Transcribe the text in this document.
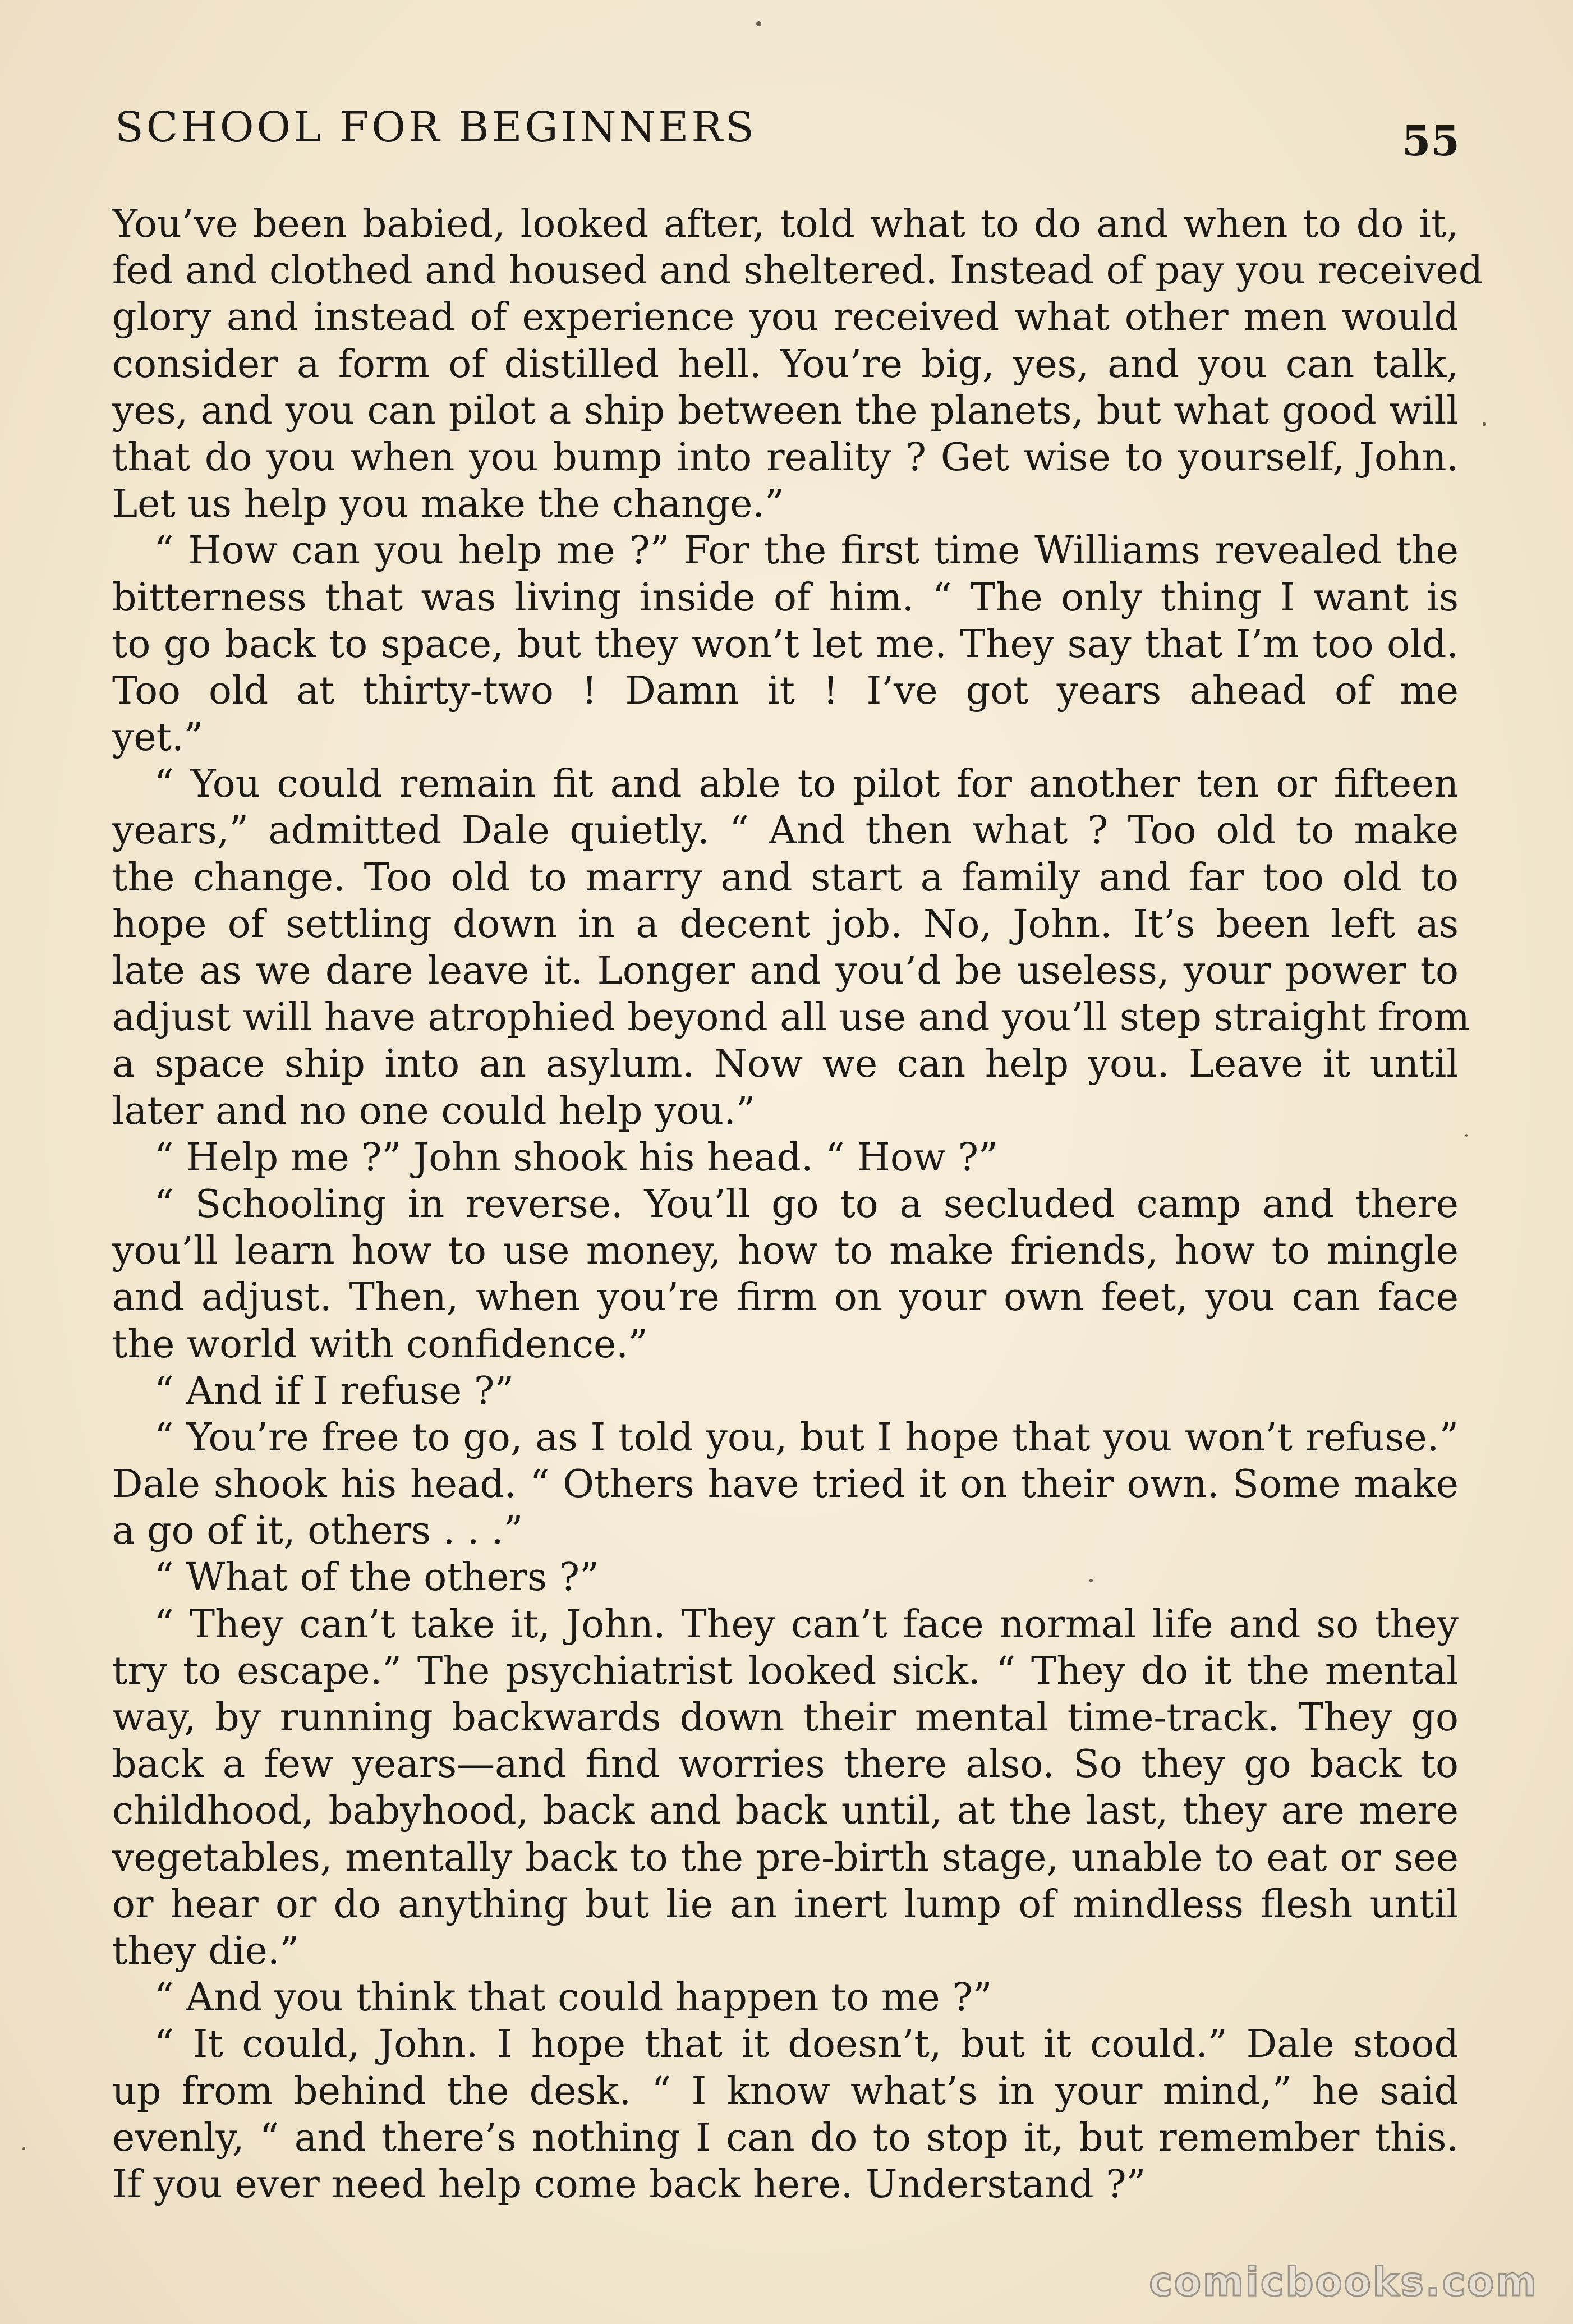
SCHOOL FOR BEGINNERS	55
You’ve been babied, looked after, told what to do and when to do it,
fed and clothed and housed and sheltered. Instead of pay you received
glory and instead of experience you received what other men would
consider a form of distilled hell. You’re big, yes, and you can talk,
yes, and you can pilot a ship between the planets, but what good will
that do you when you bump into reality ? Get wise to yourself, John.
Let us help you make the change.”
“ How can you help me ?” For the first time Williams revealed the
bitterness that was living inside of him. “ The only thing I want is
to go back to space, but they won’t let me. They say that I’m too old.
Too old at thirty-two ! Damn it ! I’ve got years ahead of me
yet.”
“ You could remain fit and able to pilot for another ten or fifteen
years,” admitted Dale quietly. “ And then what ? Too old to make
the change. Too old to marry and start a family and far too old to
hope of settling down in a decent job. No, John. It’s been left as
late as we dare leave it. Longer and you’d be useless, your power to
adjust will have atrophied beyond all use and you’ll step straight from
a space ship into an asylum. Now we can help you. Leave it until
later and no one could help you.”
“ Help me ?” John shook his head. “ How ?”
“ Schooling in reverse. You’ll go to a secluded camp and there
you’ll learn how to use money, how to make friends, how to mingle
and adjust. Then, when you’re firm on your own feet, you can face
the world with confidence.”
“ And if I refuse ?”
“ You’re free to go, as I told you, but I hope that you won’t refuse.”
Dale shook his head. “ Others have tried it on their own. Some make
a go of it, others . . .”
“ What of the others ?”
“ They can’t take it, John. They can’t face normal life and so they
try to escape.” The psychiatrist looked sick. “ They do it the mental
way, by running backwards down their mental time-track. They go
back a few years—and find worries there also. So they go back to
childhood, babyhood, back and back until, at the last, they are mere
vegetables, mentally back to the pre-birth stage, unable to eat or see
or hear or do anything but lie an inert lump of mindless flesh until
they die.”
“ And you think that could happen to me ?”
“ It could, John. I hope that it doesn’t, but it could.” Dale stood
up from behind the desk. “ I know what’s in your mind,” he said
evenly, “ and there’s nothing I can do to stop it, but remember this.
If you ever need help come back here. Understand ?”
comicbooks.com
